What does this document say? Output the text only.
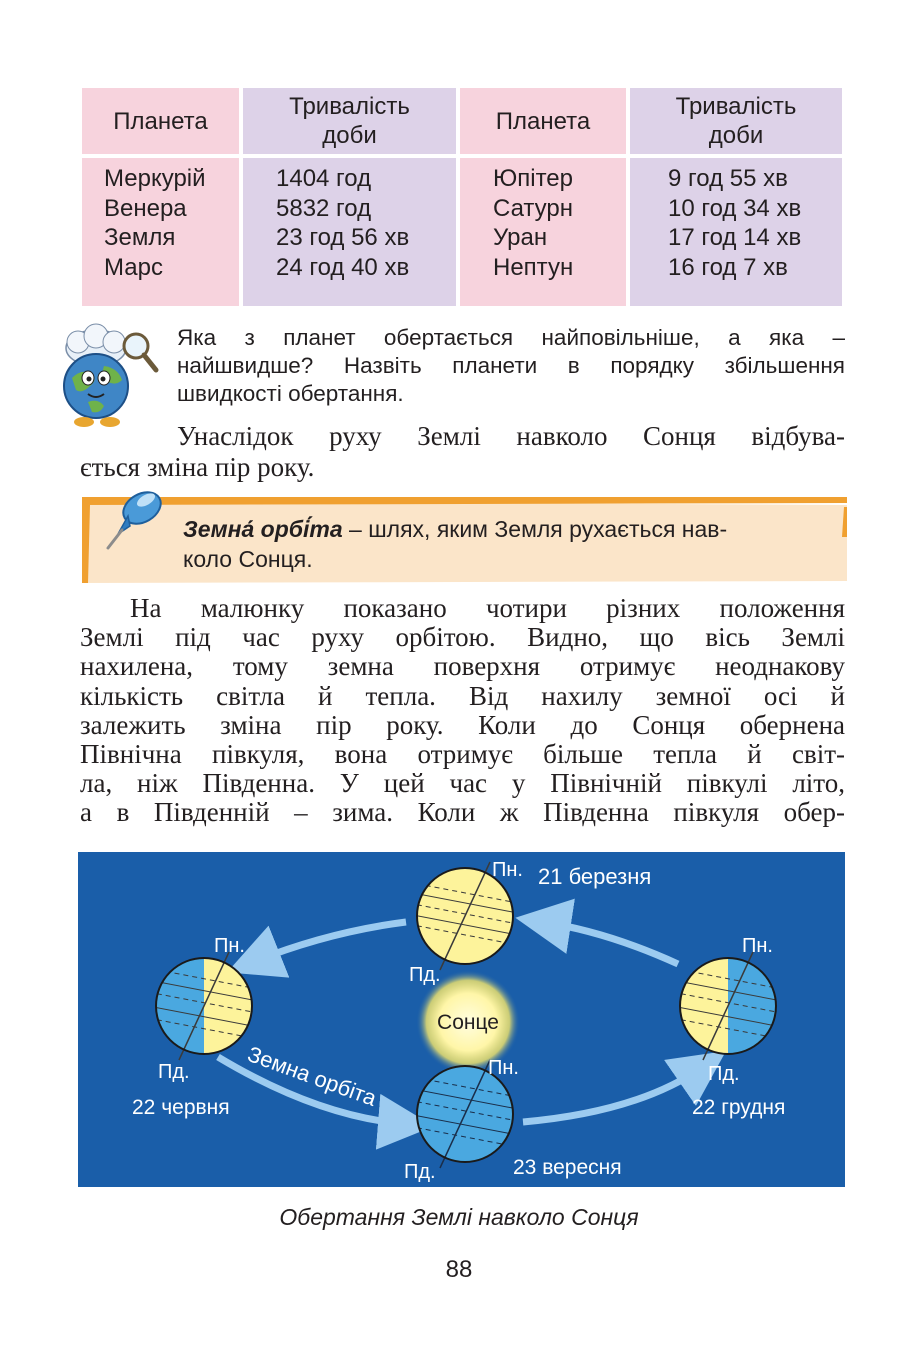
Планета
Тривалість доби
Планета
Тривалість доби
Меркурій
Венера
Земля
Марс
1404 год
5832 год
23 год 56 хв
24 год 40 хв
Юпітер
Сатурн
Уран
Нептун
9 год 55 хв
10 год 34 хв
17 год 14 хв
16 год 7 хв
Яка з планет обертається найповільніше, а яка –
найшвидше? Назвіть планети в порядку збільшення
швидкості обертання.
Унаслідок руху Землі навколо Сонця відбува-
ється зміна пір року.
Земна́ орбі́та – шлях, яким Земля рухається нав-
коло Сонця.
На малюнку показано чотири різних положення
Землі під час руху орбітою. Видно, що вісь Землі
нахилена, тому земна поверхня отримує неоднакову
кількість світла й тепла. Від нахилу земної осі й
залежить зміна пір року. Коли до Сонця обернена
Північна півкуля, вона отримує більше тепла й світ-
ла, ніж Південна. У цей час у Північній півкулі літо,
а в Південній – зима. Коли ж Південна півкуля обер-
Сонце
Пн.
Пд.
21 березня
Пн.
Пд.
22 червня
Пн.
Пд.
22 грудня
Пн.
Пд.	23 вересня
Земна орбіта
Обертання Землі навколо Сонця
88
